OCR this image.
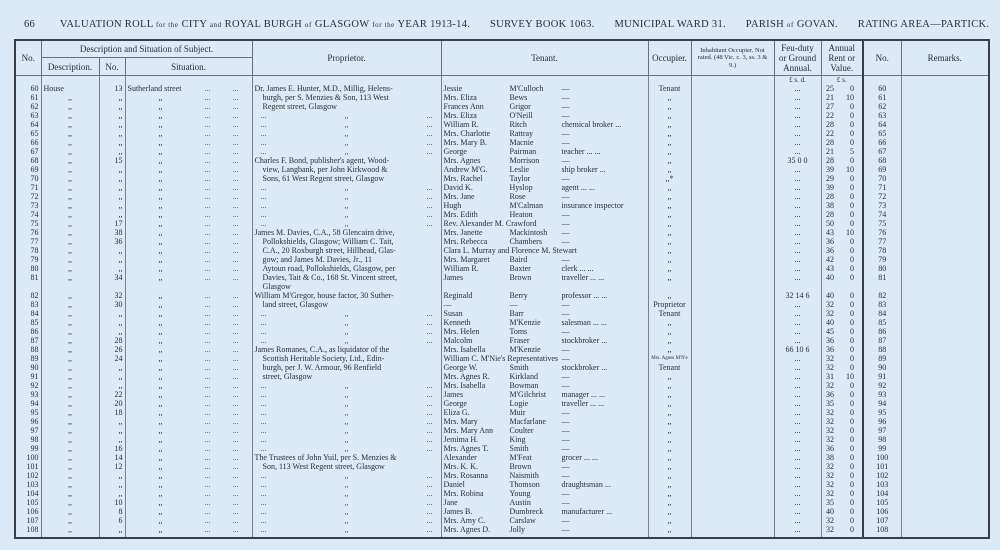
66 VALUATION ROLL for the CITY and ROYAL BURGH of GLASGOW for the YEAR 1913-14. SURVEY BOOK 1063. MUNICIPAL WARD 31. PARISH of GOVAN. RATING AREA—PARTICK.
No.	Description and Situation of Subject.			Proprietor.	Tenant.	Occupier.	Inhabitant Occupier. Not rated. (48 Vic. c. 3, ss. 3 & 9.)	Feu-duty or Ground Annual.	Annual Rent or Value.	No.	Remarks.
	Description.	No.	Situation.								
								£ s. d.	£ s.		
60	House	13	Sutherland street ... ...	Dr. James E. Hunter, M.D., Millig, Helens-	Jessie M'Culloch —	Tenant		...	25 0	60	
61	,,	,,	,, ... ...	burgh, per S. Menzies & Son, 113 West	Mrs. Eliza Bews —	,,		...	21 10	61	
62	,,	,,	,, ... ...	Regent street, Glasgow	Frances Ann Grigor —	,,		...	27 0	62	
63	,,	,,	,, ... ...	... ,, ...	Mrs. Eliza O'Neill —	,,		...	22 0	63	
64	,,	,,	,, ... ...	... ,, ...	William R. Ritch chemical broker ...	,,		...	28 0	64	
65	,,	,,	,, ... ...	... ,, ...	Mrs. Charlotte Rattray —	,,		...	22 0	65	
66	,,	,,	,, ... ...	... ,, ...	Mrs. Mary B. Macnie —	,,		...	28 0	66	
67	,,	,,	,, ... ...	... ,, ...	George Pairman teacher ... ...	,,		...	21 5	67	
68	,,	15	,, ... ...	Charles F. Bond, publisher's agent, Wood-	Mrs. Agnes Morrison —	,,		35 0 0	28 0	68	
69	,,	,,	,, ... ...	view, Langbank, per John Kirkwood &	Andrew M'G. Leslie ship broker ...	,,		...	39 10	69	
70	,,	,,	,, ... ...	Sons, 61 West Regent street, Glasgow	Mrs. Rachel Taylor —	,,*		...	29 0	70	
71	,,	,,	,, ... ...	... ,, ...	David K. Hyslop agent ... ...	,,		...	39 0	71	
72	,,	,,	,, ... ...	... ,, ...	Mrs. Jane Rose —	,,		...	28 0	72	
73	,,	,,	,, ... ...	... ,, ...	Hugh M'Calman insurance inspector	,,		...	38 0	73	
74	,,	,,	,, ... ...	... ,, ...	Mrs. Edith Heaton —	,,		...	28 0	74	
75	,,	17	,, ... ...	... ,, ...	Rev. Alexander M. Crawford —	,,		...	50 0	75	
76	,,	38	,, ... ...	James M. Davies, C.A., 58 Glencairn drive,	Mrs. Janette Mackintosh —	,,		...	43 10	76	
77	,,	36	,, ... ...	Pollokshields, Glasgow; William C. Tait,	Mrs. Rebecca Chambers —	,,		...	36 0	77	
78	,,	,,	,, ... ...	C.A., 20 Roxburgh street, Hillhead, Glas-	Clara L. Murray and Florence M. Stewart	,,		...	36 0	78	
79	,,	,,	,, ... ...	gow; and James M. Davies, Jr., 11	Mrs. Margaret Baird —	,,		...	42 0	79	
80	,,	,,	,, ... ...	Aytoun road, Pollokshields, Glasgow, per	William R. Baxter clerk ... ...	,,		...	43 0	80	
81	,,	34	,, ... ...	Davies, Tait & Co., 168 St. Vincent street,	James Brown traveller ... ...	,,		...	40 0	81	
				Glasgow							
82	,,	32	,, ... ...	William M'Gregor, house factor, 30 Suther-	Reginald Berry professor ... ...	,,		32 14 6	40 0	82	
83	,,	30	,, ... ...	land street, Glasgow	— — —	Proprietor		...	32 0	83	
84	,,	,,	,, ... ...	... ,, ...	Susan Barr —	Tenant		...	32 0	84	
85	,,	,,	,, ... ...	... ,, ...	Kenneth M'Kenzie salesman ... ...	,,		...	40 0	85	
86	,,	,,	,, ... ...	... ,, ...	Mrs. Helen Toms —	,,		...	45 0	86	
87	,,	28	,, ... ...	... ,, ...	Malcolm Fraser stockbroker ...	,,		...	36 0	87	
88	,,	26	,, ... ...	James Romanes, C.A., as liquidator of the	Mrs. Isabella M'Kenzie —	,,		66 10 6	36 0	88	
89	,,	24	,, ... ...	Scottish Heritable Society, Ltd., Edin-	William C. M'Nie's Representatives —	Mrs. Agnes M'N'e		...	32 0	89	
90	,,	,,	,, ... ...	burgh, per J. W. Armour, 96 Renfield	George W. Smith stockbroker ...	Tenant		...	32 0	90	
91	,,	,,	,, ... ...	street, Glasgow	Mrs. Agnes R. Kirkland —	,,		...	31 10	91	
92	,,	,,	,, ... ...	... ,, ...	Mrs. Isabella Bowman —	,,		...	32 0	92	
93	,,	22	,, ... ...	... ,, ...	James M'Gilchrist manager ... ...	,,		...	36 0	93	
94	,,	20	,, ... ...	... ,, ...	George Logie traveller ... ...	,,		...	35 0	94	
95	,,	18	,, ... ...	... ,, ...	Eliza G. Muir —	,,		...	32 0	95	
96	,,	,,	,, ... ...	... ,, ...	Mrs. Mary Macfarlane —	,,		...	32 0	96	
97	,,	,,	,, ... ...	... ,, ...	Mrs. Mary Ann Coulter —	,,		...	32 0	97	
98	,,	,,	,, ... ...	... ,, ...	Jemima H. King —	,,		...	32 0	98	
99	,,	16	,, ... ...	... ,, ...	Mrs. Agnes T. Smith —	,,		...	36 0	99	
100	,,	14	,, ... ...	The Trustees of John Yuil, per S. Menzies &	Alexander M'Feat grocer ... ...	,,		...	38 0	100	
101	,,	12	,, ... ...	Son, 113 West Regent street, Glasgow	Mrs. K. K. Brown —	,,		...	32 0	101	
102	,,	,,	,, ... ...	... ,, ...	Mrs. Rosanna Naismith —	,,		...	32 0	102	
103	,,	,,	,, ... ...	... ,, ...	Daniel Thomson draughtsman ...	,,		...	32 0	103	
104	,,	,,	,, ... ...	... ,, ...	Mrs. Robina Young —	,,		...	32 0	104	
105	,,	10	,, ... ...	... ,, ...	Jane Austin —	,,		...	35 0	105	
106	,,	8	,, ... ...	... ,, ...	James B. Dumbreck manufacturer ...	,,		...	40 0	106	
107	,,	6	,, ... ...	... ,, ...	Mrs. Amy C. Carslaw —	,,		...	32 0	107	
108	,,	,,	,, ... ...	... ,, ...	Mrs. Agnes D. Jolly —	,,		...	32 0	108	
